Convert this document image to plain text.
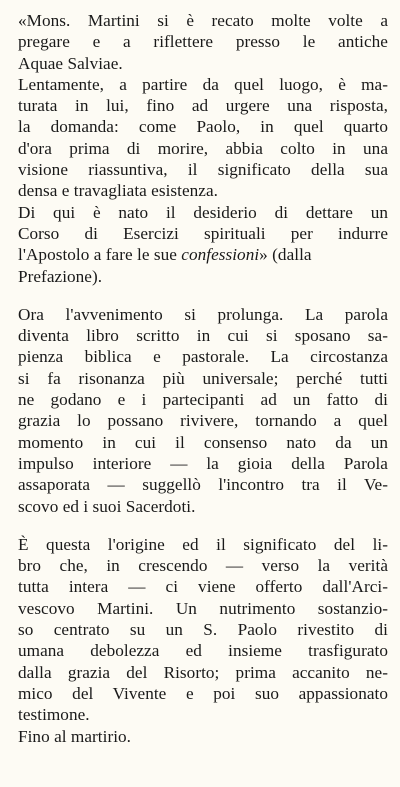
«Mons. Martini si è recato molte volte a
pregare e a riflettere presso le antiche
Aquae Salviae.
Lentamente, a partire da quel luogo, è ma-
turata in lui, fino ad urgere una risposta,
la domanda: come Paolo, in quel quarto
d'ora prima di morire, abbia colto in una
visione riassuntiva, il significato della sua
densa e travagliata esistenza.
Di qui è nato il desiderio di dettare un
Corso di Esercizi spirituali per indurre
l'Apostolo a fare le sue confessioni» (dalla
Prefazione).
Ora l'avvenimento si prolunga. La parola
diventa libro scritto in cui si sposano sa-
pienza biblica e pastorale. La circostanza
si fa risonanza più universale; perché tutti
ne godano e i partecipanti ad un fatto di
grazia lo possano rivivere, tornando a quel
momento in cui il consenso nato da un
impulso interiore — la gioia della Parola
assaporata — suggellò l'incontro tra il Ve-
scovo ed i suoi Sacerdoti.
È questa l'origine ed il significato del li-
bro che, in crescendo — verso la verità
tutta intera — ci viene offerto dall'Arci-
vescovo Martini. Un nutrimento sostanzio-
so centrato su un S. Paolo rivestito di
umana debolezza ed insieme trasfigurato
dalla grazia del Risorto; prima accanito ne-
mico del Vivente e poi suo appassionato
testimone.
Fino al martirio.
